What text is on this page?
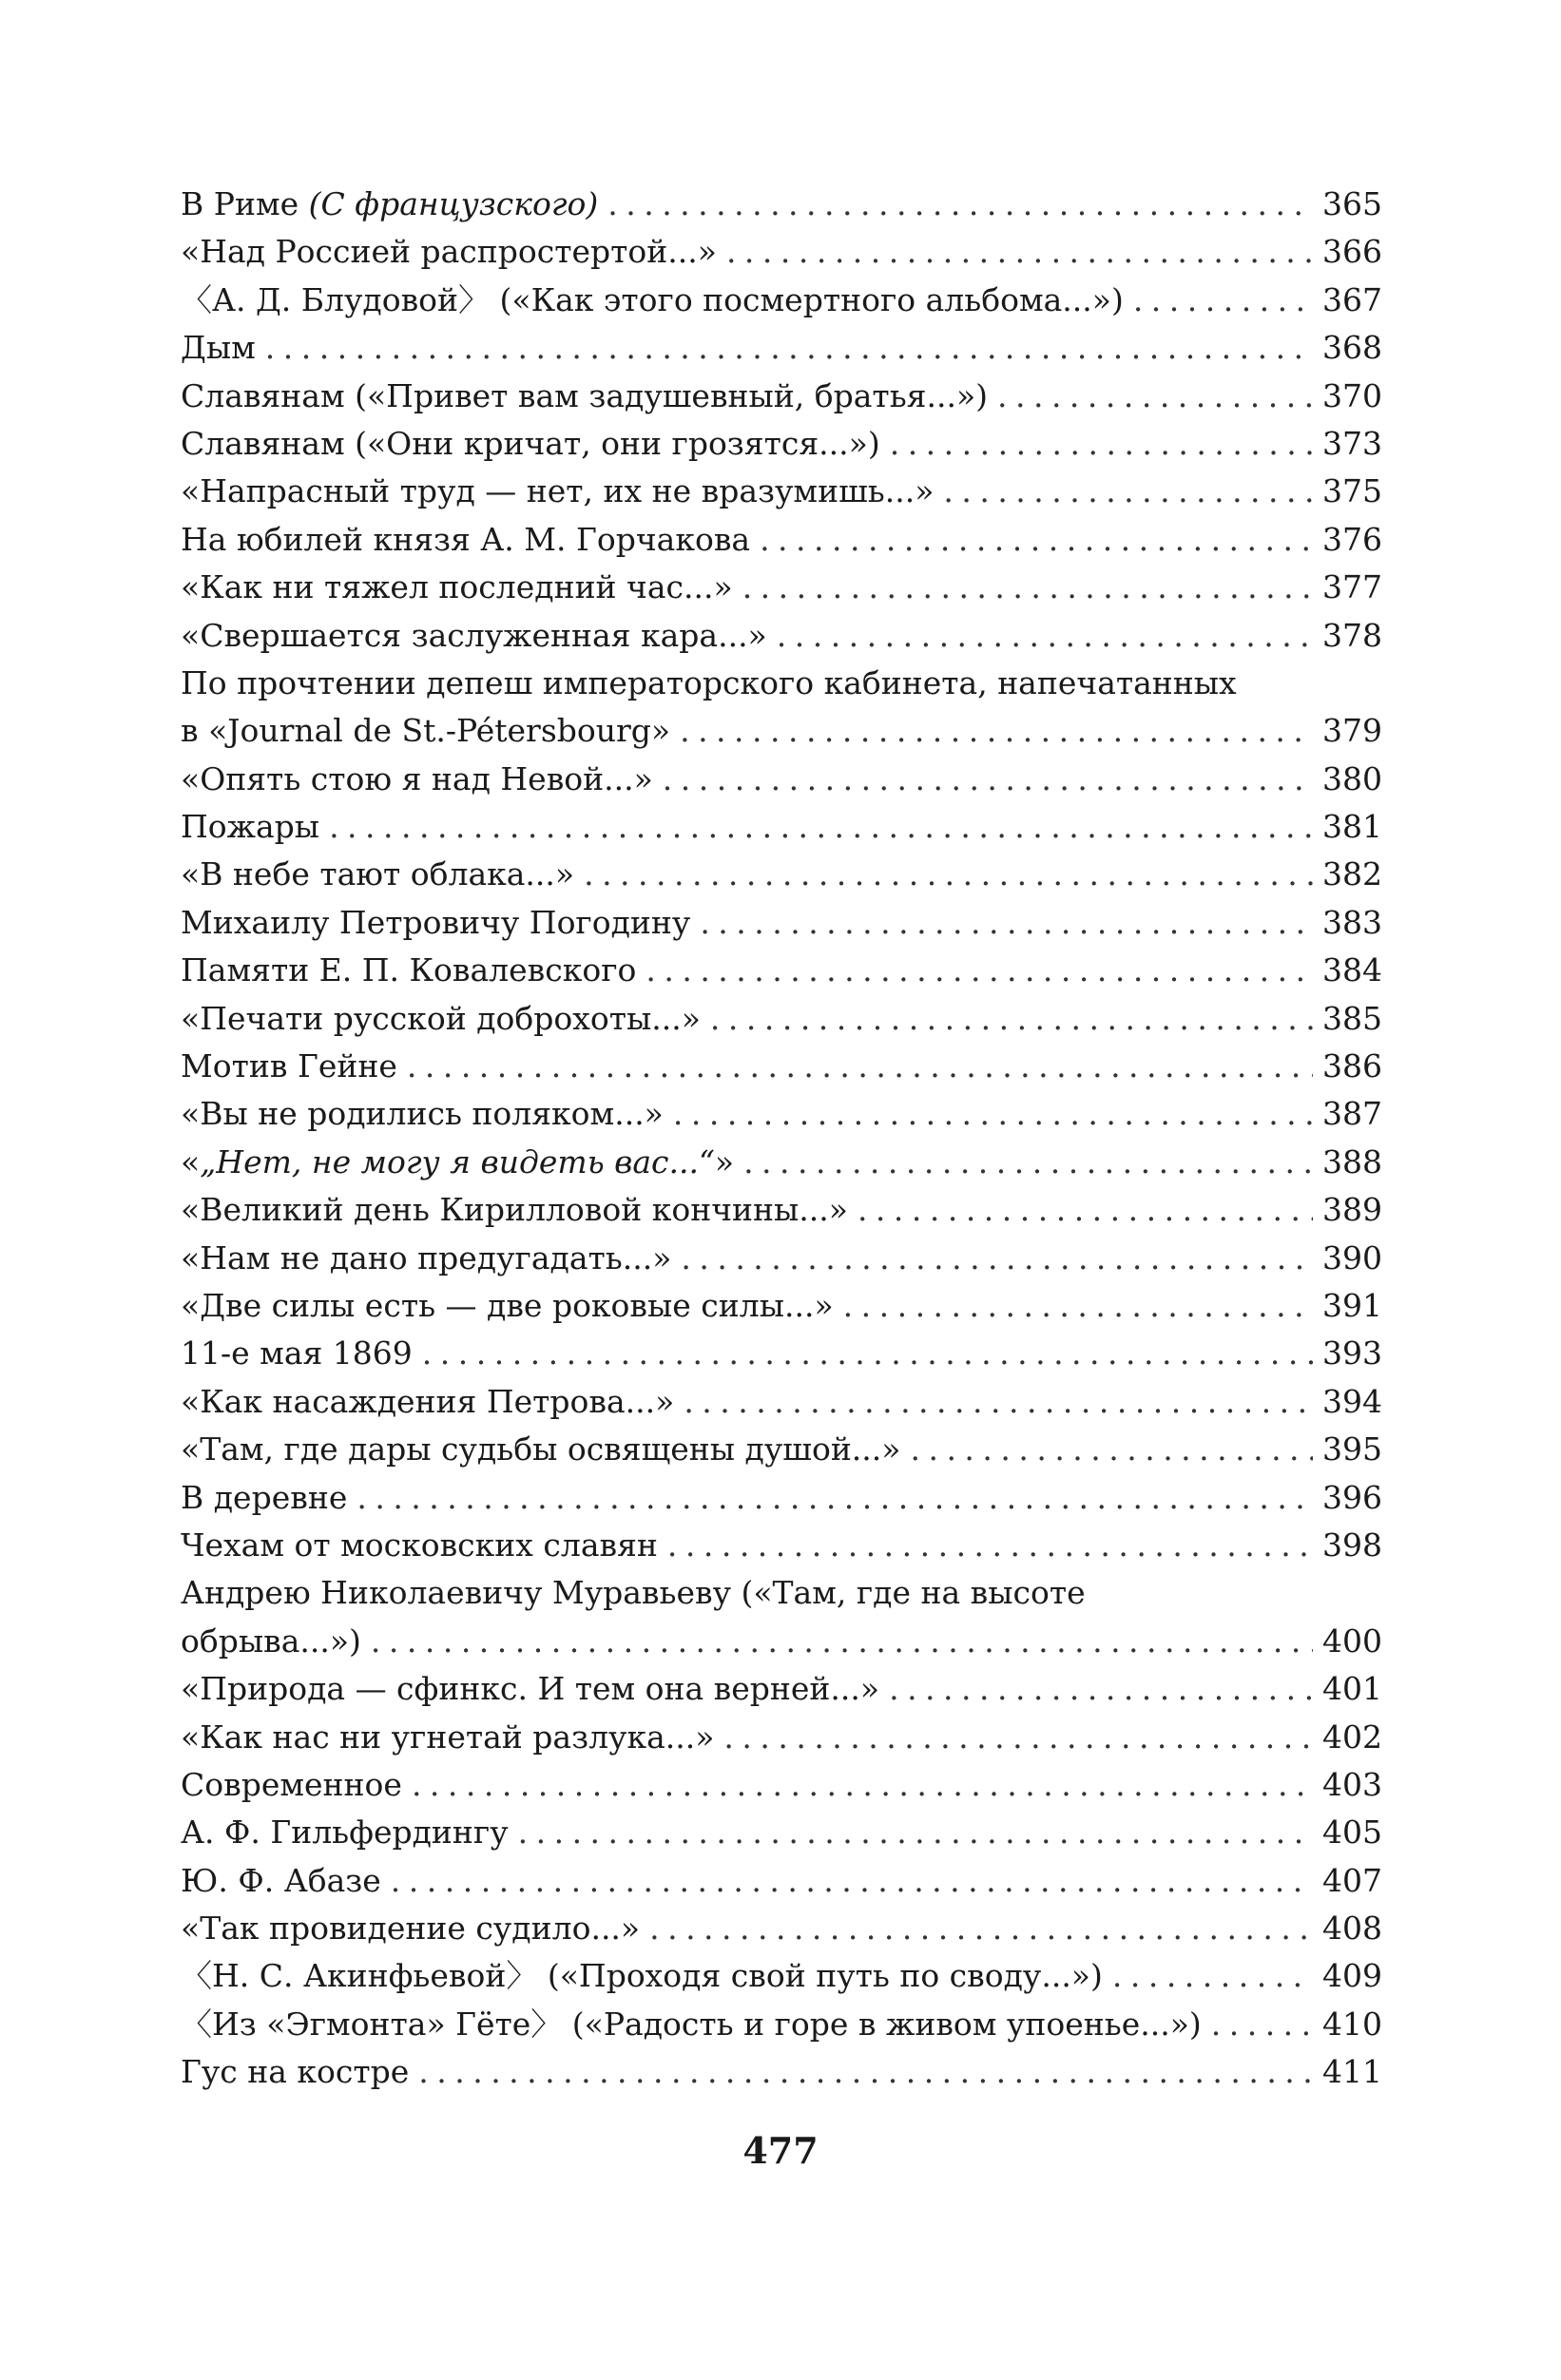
В Риме (С французского) . . .	365
«Над Россией распростертой...» . . .	366
〈А. Д. Блудовой〉 («Как этого посмертного альбома...») . . .	367
Дым . . .	368
Славянам («Привет вам задушевный, братья...») . . .	370
Славянам («Они кричат, они грозятся...») . . .	373
«Напрасный труд — нет, их не вразумишь...» . . .	375
На юбилей князя А. М. Горчакова . . .	376
«Как ни тяжел последний час...» . . .	377
«Свершается заслуженная кара...» . . .	378
По прочтении депеш императорского кабинета, напечатанных
в «Journal de St.-Pétersbourg» . . .	379
«Опять стою я над Невой...» . . .	380
Пожары . . .	381
«В небе тают облака...» . . .	382
Михаилу Петровичу Погодину . . .	383
Памяти Е. П. Ковалевского . . .	384
«Печати русской доброхоты...» . . .	385
Мотив Гейне . . .	386
«Вы не родились поляком...» . . .	387
«„Нет, не могу я видеть вас...“» . . .	388
«Великий день Кирилловой кончины...» . . .	389
«Нам не дано предугадать...» . . .	390
«Две силы есть — две роковые силы...» . . .	391
11-е мая 1869 . . .	393
«Как насаждения Петрова...» . . .	394
«Там, где дары судьбы освящены душой...» . . .	395
В деревне . . .	396
Чехам от московских славян . . .	398
Андрею Николаевичу Муравьеву («Там, где на высоте
обрыва...») . . .	400
«Природа — сфинкс. И тем она верней...» . . .	401
«Как нас ни угнетай разлука...» . . .	402
Современное . . .	403
А. Ф. Гильфердингу . . .	405
Ю. Ф. Абазе . . .	407
«Так провидение судило...» . . .	408
〈Н. С. Акинфьевой〉 («Проходя свой путь по своду...») . . .	409
〈Из «Эгмонта» Гёте〉 («Радость и горе в живом упоенье...») . . .	410
Гус на костре . . .	411
477
